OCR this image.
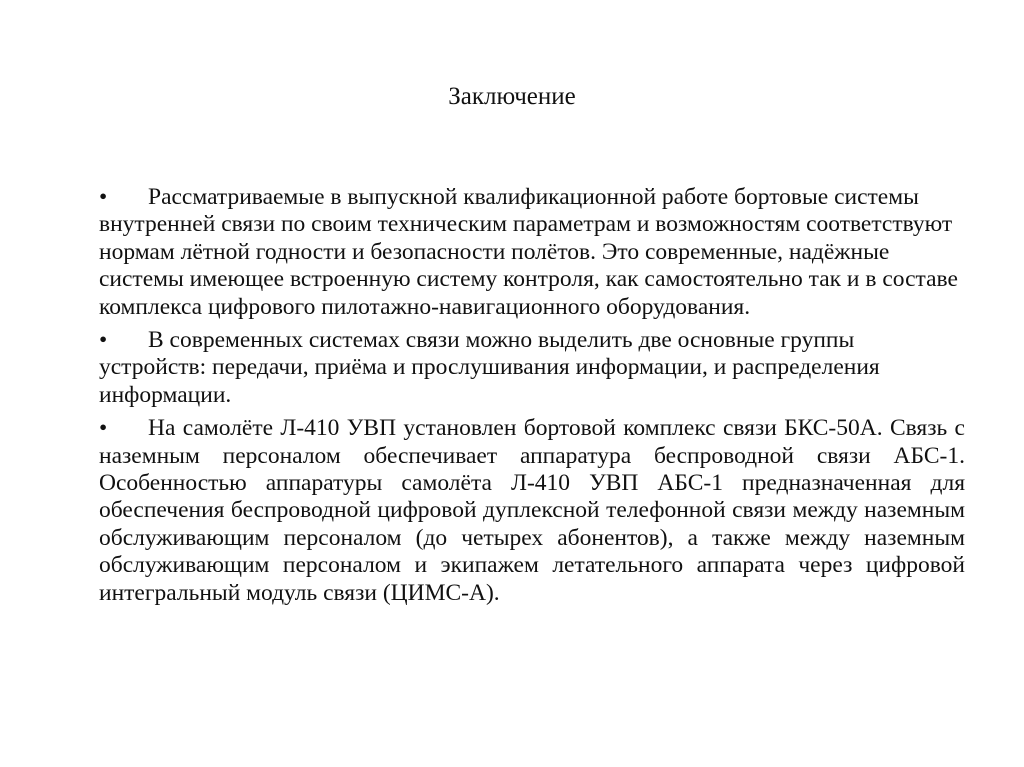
Заключение
• Рассматриваемые в выпускной квалификационной работе бортовые системы внутренней связи по своим техническим параметрам и возможностям соответствуют нормам лётной годности и безопасности полётов. Это современные, надёжные системы имеющее встроенную систему контроля, как самостоятельно так и в составе комплекса цифрового пилотажно-навигационного оборудования.
• В современных системах связи можно выделить две основные группы устройств: передачи, приёма и прослушивания информации, и распределения информации.
• На самолёте Л-410 УВП установлен бортовой комплекс связи БКС-50А. Связь с наземным персоналом обеспечивает аппаратура беспроводной связи АБС-1. Особенностью аппаратуры самолёта Л-410 УВП АБС-1 предназначенная для обеспечения беспроводной цифровой дуплексной телефонной связи между наземным обслуживающим персоналом (до четырех абонентов), а также между наземным обслуживающим персоналом и экипажем летательного аппарата через цифровой интегральный модуль связи (ЦИМС-А).
